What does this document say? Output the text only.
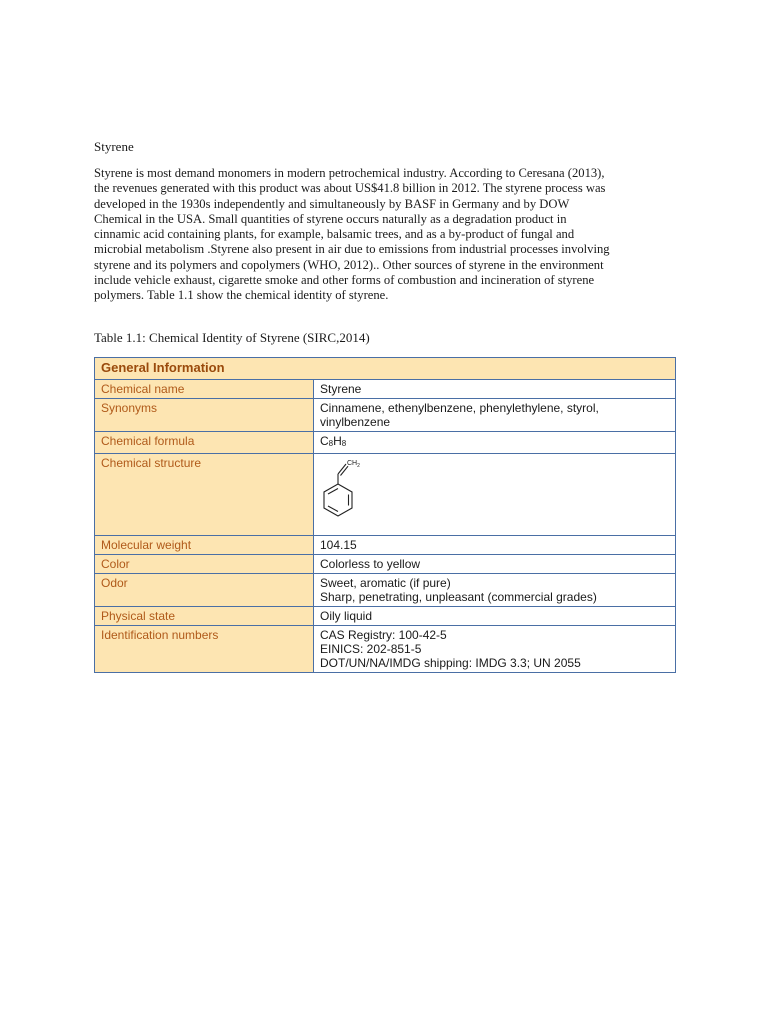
Styrene

Styrene is most demand monomers in modern petrochemical industry. According to Ceresana (2013),
the revenues generated with this product was about US$41.8 billion in 2012. The styrene process was
developed in the 1930s independently and simultaneously by BASF in Germany and by DOW
Chemical in the USA. Small quantities of styrene occurs naturally as a degradation product in
cinnamic acid containing plants, for example, balsamic trees, and as a by-product of fungal and
microbial metabolism .Styrene also present in air due to emissions from industrial processes involving
styrene and its polymers and copolymers (WHO, 2012).. Other sources of styrene in the environment
include vehicle exhaust, cigarette smoke and other forms of combustion and incineration of styrene
polymers. Table 1.1 show the chemical identity of styrene.

Table 1.1: Chemical Identity of Styrene (SIRC,2014)
General Information	
Chemical name	Styrene

Synonyms	Cinnamene, ethenylbenzene, phenylethylene, styrol,
vinylbenzene

Chemical formula	$C_8H_8$

Chemical structure	$CH_2$

Molecular weight	104.15

Color	Colorless to yellow

Odor	Sweet, aromatic (if pure)
Sharp, penetrating, unpleasant (commercial grades)

Physical state	Oily liquid

Identification numbers	CAS Registry: 100-42-5
EINICS: 202-851-5
DOT/UN/NA/IMDG shipping: IMDG 3.3; UN 2055
